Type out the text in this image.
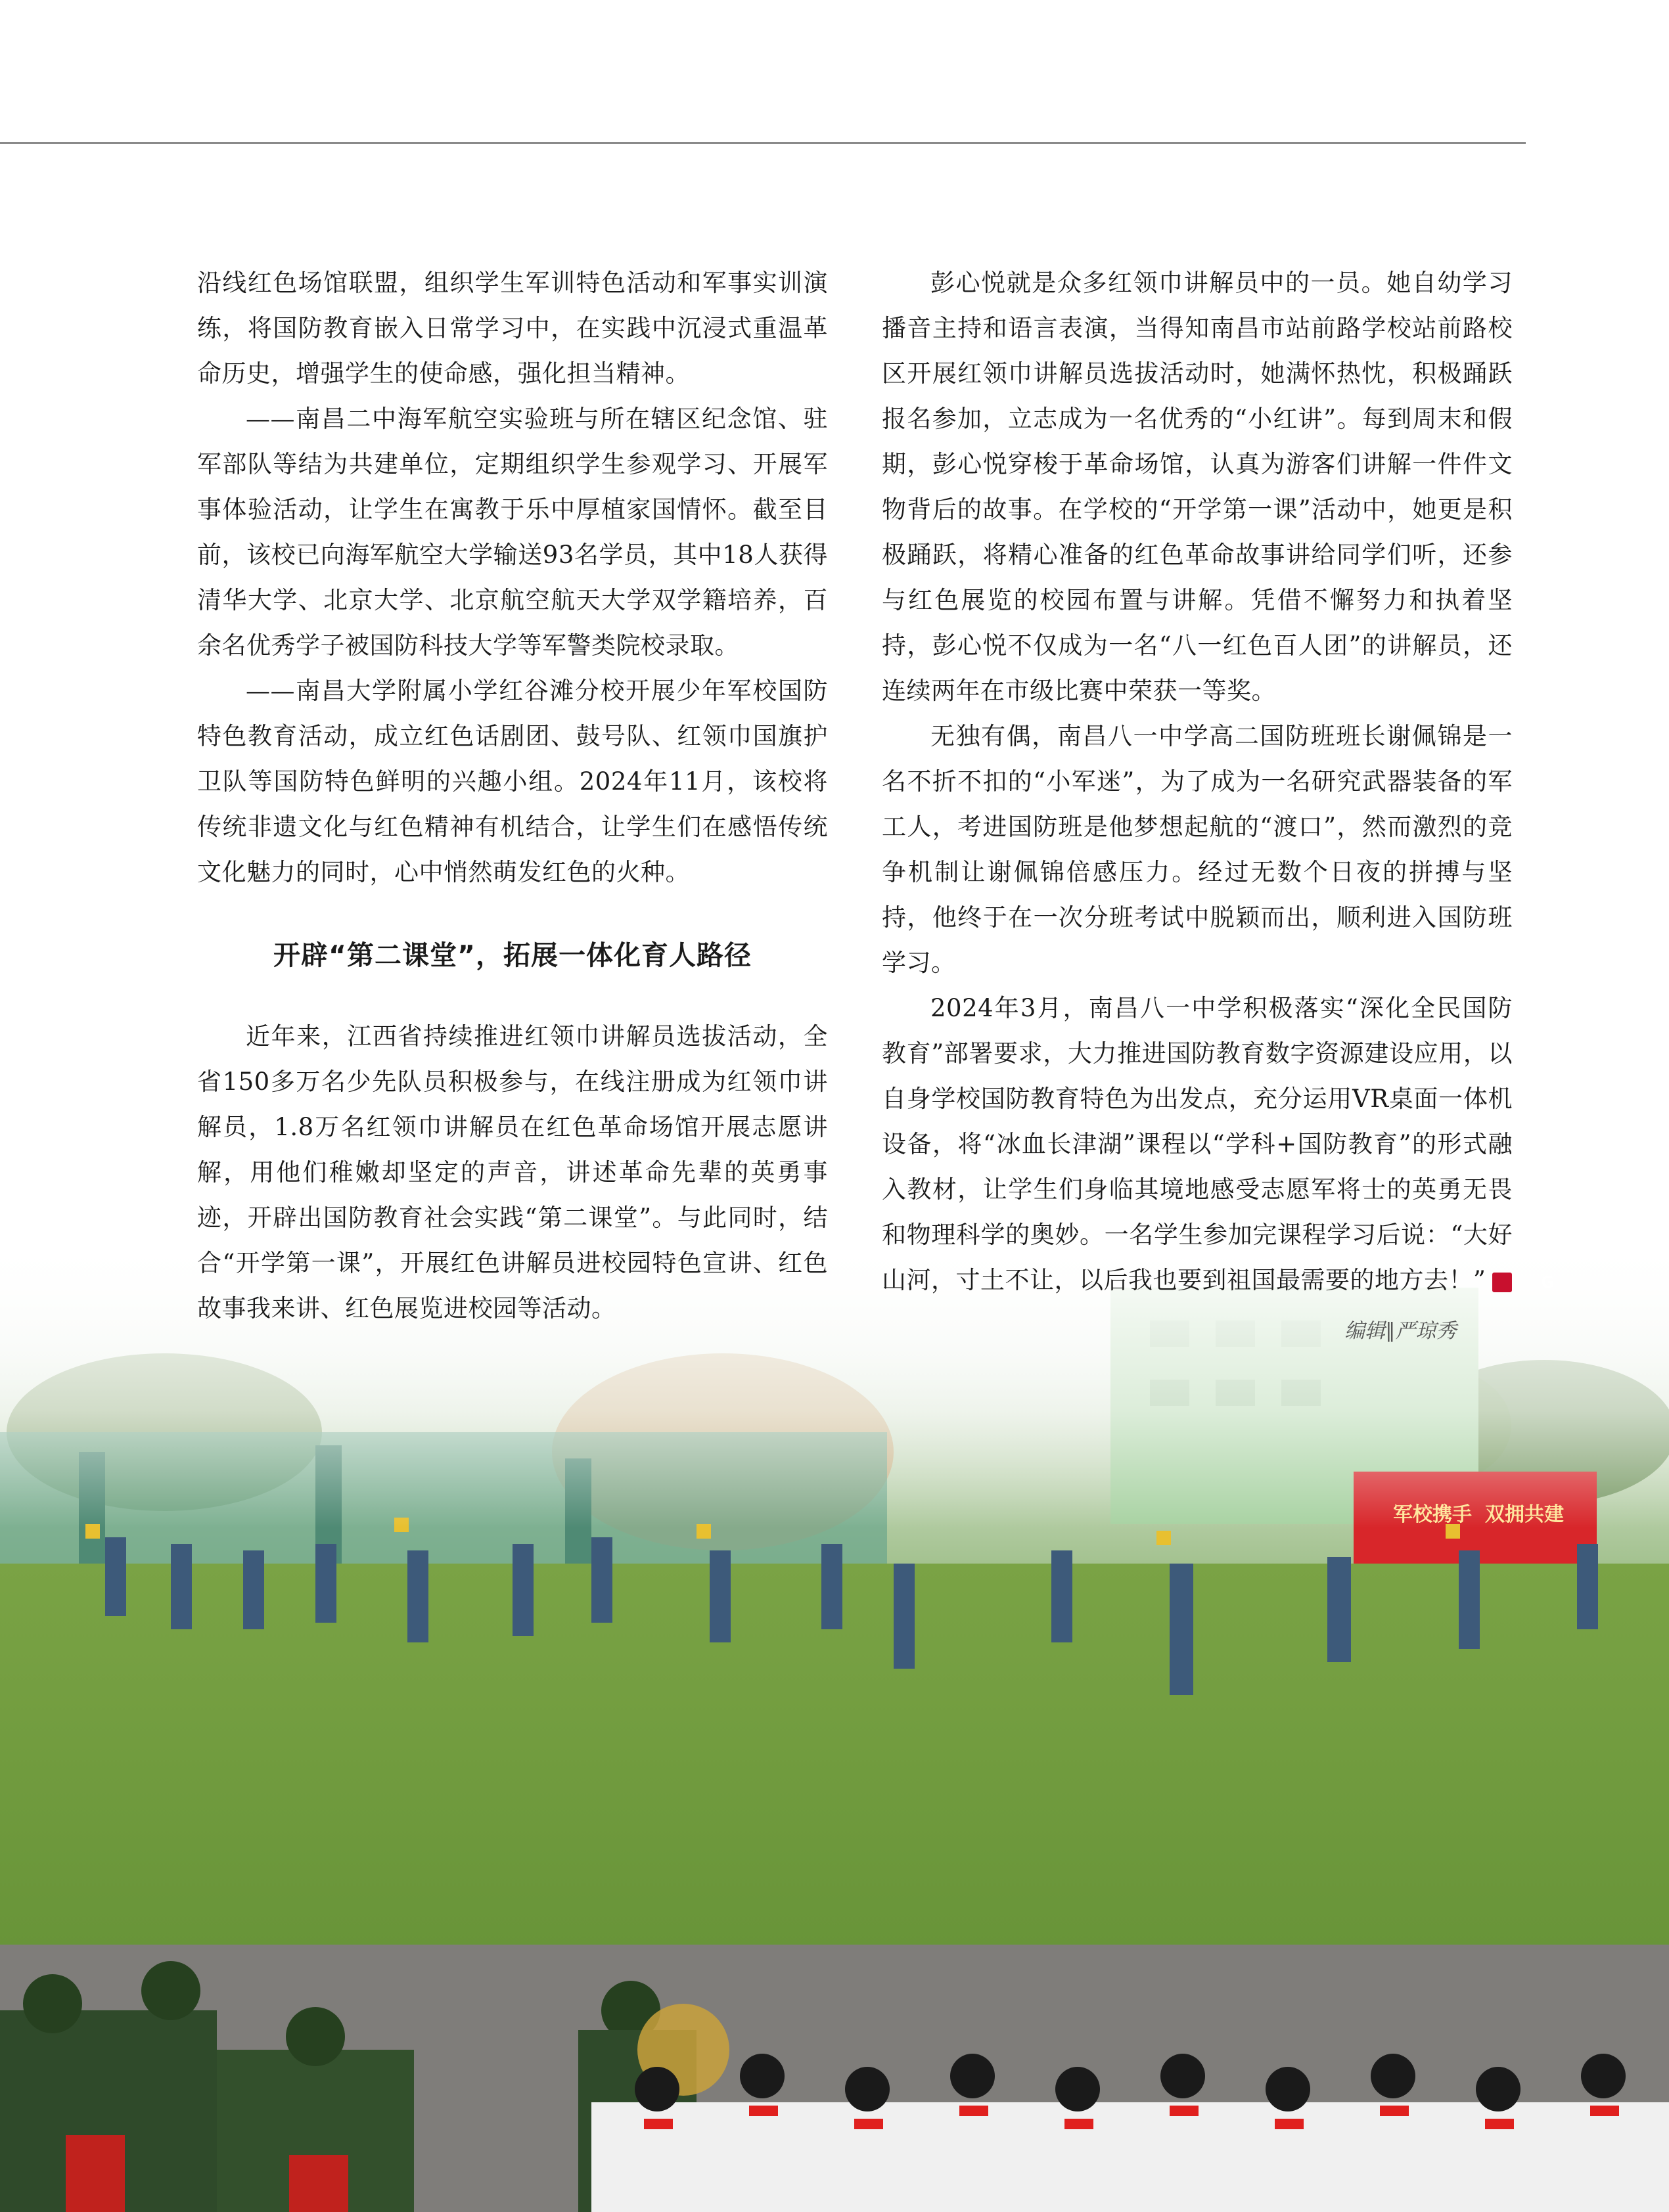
军校携手 双拥共建

沿线红色场馆联盟，组织学生军训特色活动和军事实训演练，将国防教育嵌入日常学习中，在实践中沉浸式重温革命历史，增强学生的使命感，强化担当精神。

——南昌二中海军航空实验班与所在辖区纪念馆、驻军部队等结为共建单位，定期组织学生参观学习、开展军事体验活动，让学生在寓教于乐中厚植家国情怀。截至目前，该校已向海军航空大学输送93名学员，其中18人获得清华大学、北京大学、北京航空航天大学双学籍培养，百余名优秀学子被国防科技大学等军警类院校录取。

——南昌大学附属小学红谷滩分校开展少年军校国防特色教育活动，成立红色话剧团、鼓号队、红领巾国旗护卫队等国防特色鲜明的兴趣小组。2024年11月，该校将传统非遗文化与红色精神有机结合，让学生们在感悟传统文化魅力的同时，心中悄然萌发红色的火种。

开辟“第二课堂”，拓展一体化育人路径

近年来，江西省持续推进红领巾讲解员选拔活动，全省150多万名少先队员积极参与，在线注册成为红领巾讲解员，1.8万名红领巾讲解员在红色革命场馆开展志愿讲解，用他们稚嫩却坚定的声音，讲述革命先辈的英勇事迹，开辟出国防教育社会实践“第二课堂”。与此同时，结合“开学第一课”，开展红色讲解员进校园特色宣讲、红色故事我来讲、红色展览进校园等活动。

彭心悦就是众多红领巾讲解员中的一员。她自幼学习播音主持和语言表演，当得知南昌市站前路学校站前路校区开展红领巾讲解员选拔活动时，她满怀热忱，积极踊跃报名参加，立志成为一名优秀的“小红讲”。每到周末和假期，彭心悦穿梭于革命场馆，认真为游客们讲解一件件文物背后的故事。在学校的“开学第一课”活动中，她更是积极踊跃，将精心准备的红色革命故事讲给同学们听，还参与红色展览的校园布置与讲解。凭借不懈努力和执着坚持，彭心悦不仅成为一名“八一红色百人团”的讲解员，还连续两年在市级比赛中荣获一等奖。

无独有偶，南昌八一中学高二国防班班长谢佩锦是一名不折不扣的“小军迷”，为了成为一名研究武器装备的军工人，考进国防班是他梦想起航的“渡口”，然而激烈的竞争机制让谢佩锦倍感压力。经过无数个日夜的拼搏与坚持，他终于在一次分班考试中脱颖而出，顺利进入国防班学习。

2024年3月，南昌八一中学积极落实“深化全民国防教育”部署要求，大力推进国防教育数字资源建设应用，以自身学校国防教育特色为出发点，充分运用VR桌面一体机设备，将“冰血长津湖”课程以“学科+国防教育”的形式融入教材，让学生们身临其境地感受志愿军将士的英勇无畏和物理科学的奥妙。一名学生参加完课程学习后说：“大好山河，寸土不让，以后我也要到祖国最需要的地方去！”	G

编辑∥严琼秀
